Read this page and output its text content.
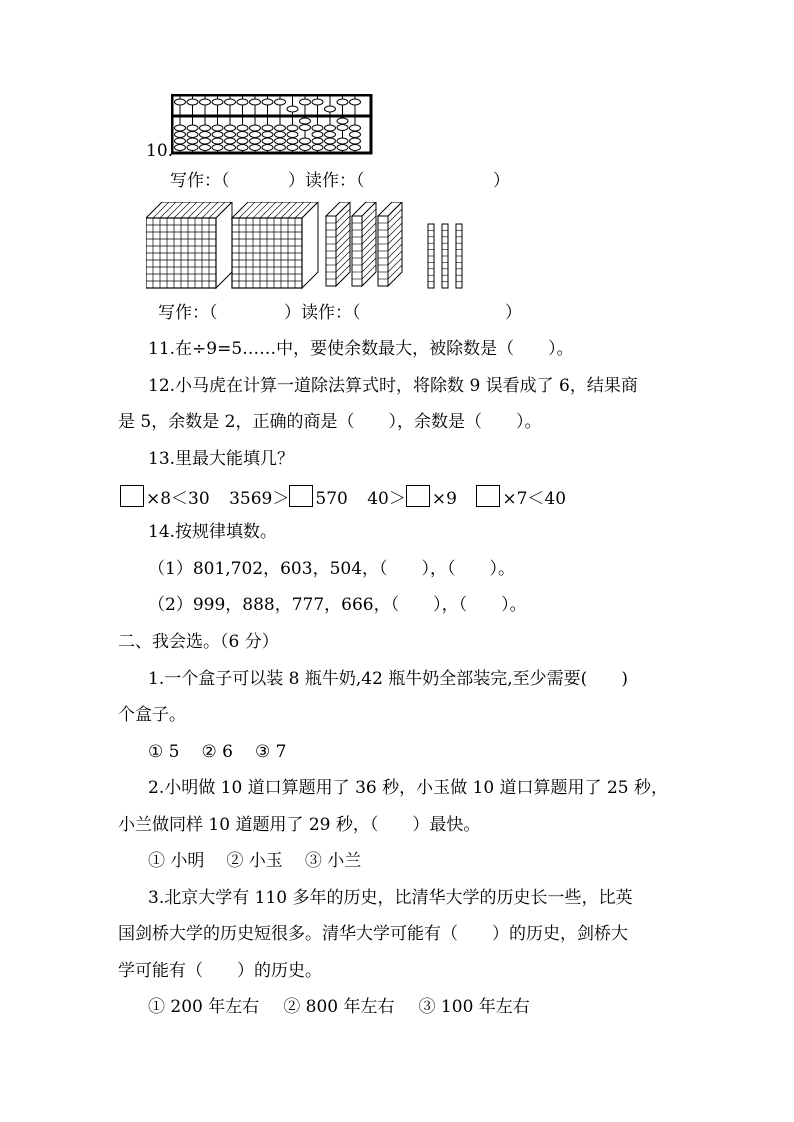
10.
写作：（	）读作：（	）
写作：（	）读作：（	）
11.在÷9=5……中，要使余数最大，被除数是（　　）。
12.小马虎在计算一道除法算式时，将除数 9 误看成了 6，结果商
是 5，余数是 2，正确的商是（　　），余数是（　　）。
13.里最大能填几？
×8＜30 3569＞ 570 40＞ ×9	×7＜40
14.按规律填数。
（1）801,702，603，504，（　　），（　　）。
（2）999，888，777，666，（　　），（　　）。
二、我会选。（6 分）
1.一个盒子可以装 8 瓶牛奶,42 瓶牛奶全部装完,至少需要(　　)
个盒子。
① 5 ② 6 ③ 7
2.小明做 10 道口算题用了 36 秒，小玉做 10 道口算题用了 25 秒，
小兰做同样 10 道题用了 29 秒，（　　）最快。
① 小明 ② 小玉 ③ 小兰
3.北京大学有 110 多年的历史，比清华大学的历史长一些，比英
国剑桥大学的历史短很多。清华大学可能有（　　）的历史，剑桥大
学可能有（　　）的历史。
① 200 年左右 ② 800 年左右 ③ 100 年左右
